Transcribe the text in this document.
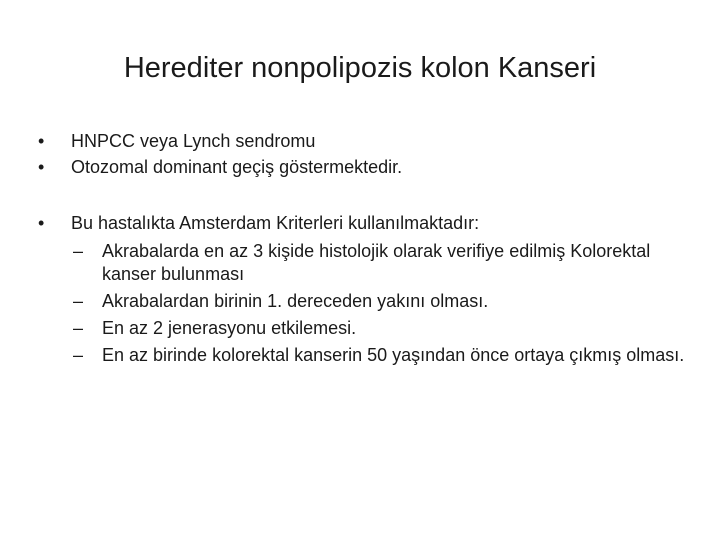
Herediter nonpolipozis kolon Kanseri
• HNPCC veya Lynch sendromu
• Otozomal dominant geçiş göstermektedir.
• Bu hastalıkta Amsterdam Kriterleri kullanılmaktadır:
– Akrabalarda en az 3 kişide histolojik olarak verifiye edilmiş Kolorektal kanser bulunması
– Akrabalardan birinin 1. dereceden yakını olması.
– En az 2 jenerasyonu etkilemesi.
– En az birinde kolorektal kanserin 50 yaşından önce ortaya çıkmış olması.
